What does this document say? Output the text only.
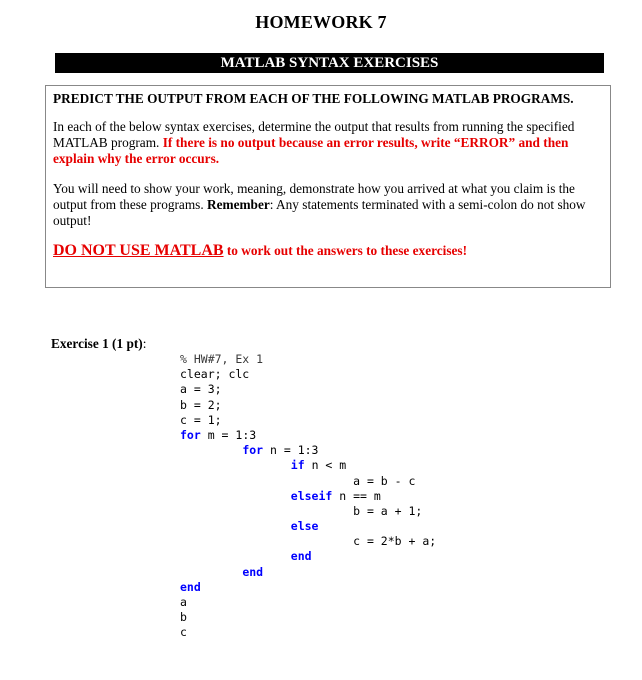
HOMEWORK 7
MATLAB SYNTAX EXERCISES

PREDICT THE OUTPUT FROM EACH OF THE FOLLOWING MATLAB PROGRAMS.

In each of the below syntax exercises, determine the output that results from running the specified MATLAB program. If there is no output because an error results, write “ERROR” and then explain why the error occurs.

You will need to show your work, meaning, demonstrate how you arrived at what you claim is the output from these programs. Remember: Any statements terminated with a semi-colon do not show output!

DO NOT USE MATLAB to work out the answers to these exercises!

Exercise 1 (1 pt):
% HW#7, Ex 1
clear; clc
a = 3;
b = 2;
c = 1;
for m = 1:3
for n = 1:3
if n < m
a = b - c
elseif n == m
b = a + 1;
else
c = 2*b + a;
end
end
end
a
b
c
